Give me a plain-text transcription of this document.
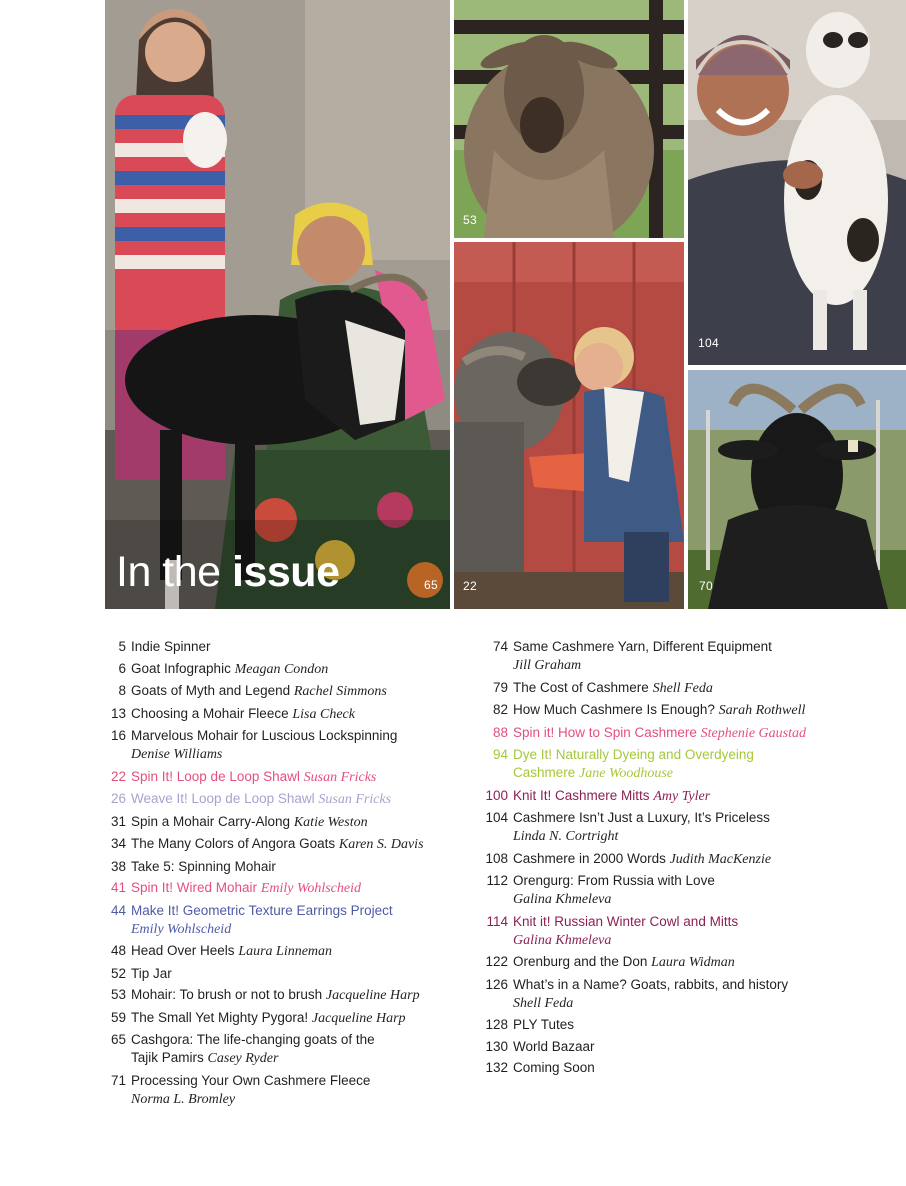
53
104
22	70
In the issue	65
5 Indie Spinner
6 Goat Infographic Meagan Condon
8 Goats of Myth and Legend Rachel Simmons
13 Choosing a Mohair Fleece Lisa Check
16 Marvelous Mohair for Luscious Lockspinning
Denise Williams
22 Spin It! Loop de Loop Shawl Susan Fricks
26 Weave It! Loop de Loop Shawl Susan Fricks
31 Spin a Mohair Carry-Along Katie Weston
34 The Many Colors of Angora Goats Karen S. Davis
38 Take 5: Spinning Mohair
41 Spin It! Wired Mohair Emily Wohlscheid
44 Make It! Geometric Texture Earrings Project
Emily Wohlscheid
48 Head Over Heels Laura Linneman
52 Tip Jar
53 Mohair: To brush or not to brush Jacqueline Harp
59 The Small Yet Mighty Pygora! Jacqueline Harp
65 Cashgora: The life-changing goats of the
Tajik Pamirs Casey Ryder
71 Processing Your Own Cashmere Fleece
Norma L. Bromley
74 Same Cashmere Yarn, Different Equipment
Jill Graham
79 The Cost of Cashmere Shell Feda
82 How Much Cashmere Is Enough? Sarah Rothwell
88 Spin it! How to Spin Cashmere Stephenie Gaustad
94 Dye It! Naturally Dyeing and Overdyeing
Cashmere Jane Woodhouse
100 Knit It! Cashmere Mitts Amy Tyler
104 Cashmere Isn’t Just a Luxury, It’s Priceless
Linda N. Cortright
108 Cashmere in 2000 Words Judith MacKenzie
112 Orengurg: From Russia with Love
Galina Khmeleva
114 Knit it! Russian Winter Cowl and Mitts
Galina Khmeleva
122 Orenburg and the Don Laura Widman
126 What’s in a Name? Goats, rabbits, and history
Shell Feda
128 PLY Tutes
130 World Bazaar
132 Coming Soon
